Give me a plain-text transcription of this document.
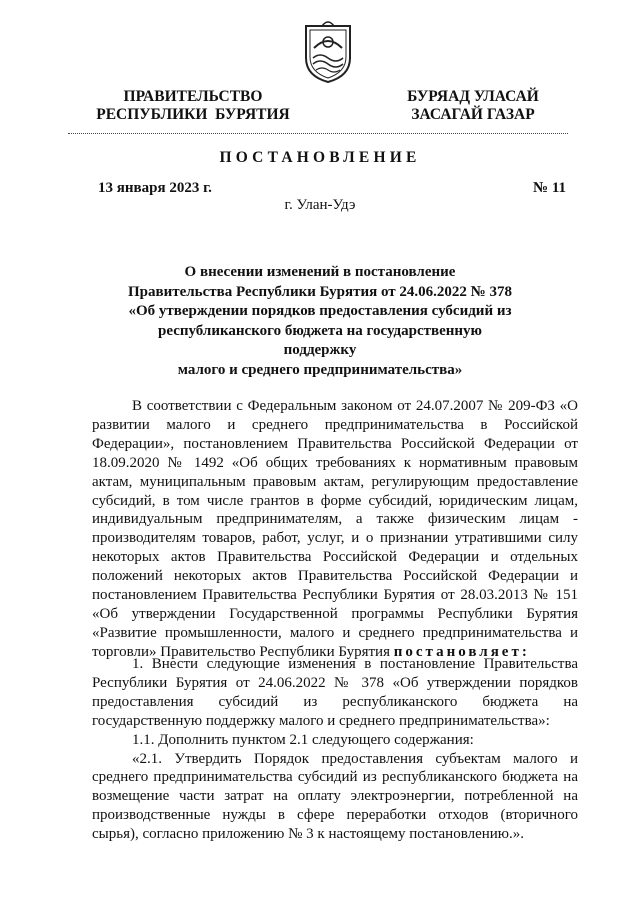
ПРАВИТЕЛЬСТВО
РЕСПУБЛИКИ  БУРЯТИЯ
БУРЯАД УЛАСАЙ
ЗАСАГАЙ ГАЗАР
ПОСТАНОВЛЕНИЕ
13 января 2023 г.	№ 11
г. Улан-Удэ
О внесении изменений в постановление
Правительства Республики Бурятия от 24.06.2022 № 378
«Об утверждении порядков предоставления субсидий из
республиканского бюджета на государственную поддержку
малого и среднего предпринимательства»

В соответствии с Федеральным законом от 24.07.2007 № 209-ФЗ «О развитии малого и среднего предпринимательства в Российской Федерации», постановлением Правительства Российской Федерации от 18.09.2020 № 1492 «Об общих требованиях к нормативным правовым актам, муниципальным правовым актам, регулирующим предоставление субсидий, в том числе грантов в форме субсидий, юридическим лицам, индивидуальным предпринимателям, а также физическим лицам - производителям товаров, работ, услуг, и о признании утратившими силу некоторых актов Правительства Российской Федерации и отдельных положений некоторых актов Правительства Российской Федерации и постановлением Правительства Республики Бурятия от 28.03.2013 № 151 «Об утверждении Государственной программы Республики Бурятия «Развитие промышленности, малого и среднего предпринимательства и торговли» Правительство Республики Бурятия постановляет:

1. Внести следующие изменения в постановление Правительства Республики Бурятия от 24.06.2022 № 378 «Об утверждении порядков предоставления субсидий из республиканского бюджета на государственную поддержку малого и среднего предпринимательства»:

1.1. Дополнить пунктом 2.1 следующего содержания:

«2.1. Утвердить Порядок предоставления субъектам малого и среднего предпринимательства субсидий из республиканского бюджета на возмещение части затрат на оплату электроэнергии, потребленной на производственные нужды в сфере переработки отходов (вторичного сырья), согласно приложению № 3 к настоящему постановлению.».
